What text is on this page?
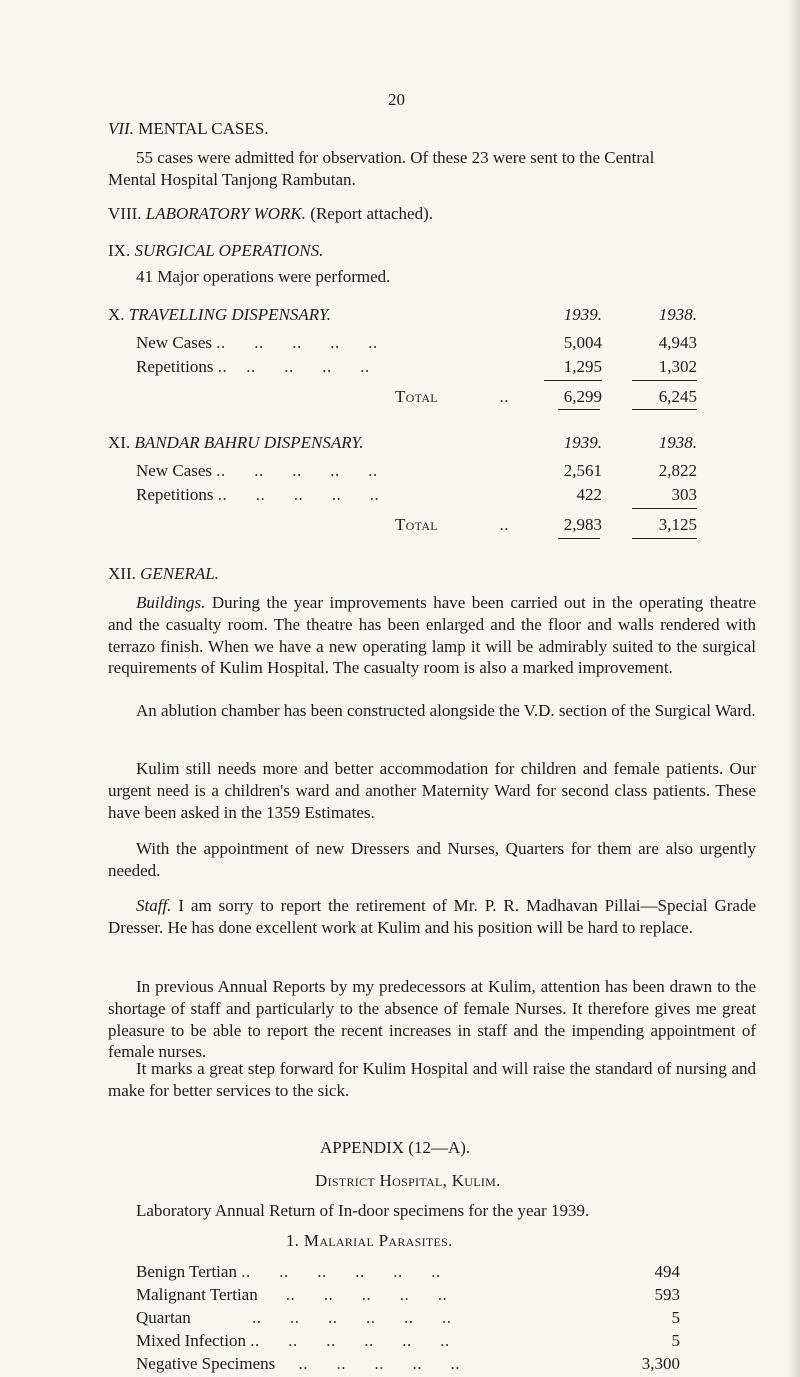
20
VII. MENTAL CASES.
55 cases were admitted for observation. Of these 23 were sent to the Central
Mental Hospital Tanjong Rambutan.
VIII. LABORATORY WORK. (Report attached).
IX. SURGICAL OPERATIONS.
41 Major operations were performed.
X. TRAVELLING DISPENSARY.	1939.	1938.
New Cases ..      ..      ..      ..      ..	5,004	4,943
Repetitions ..    ..      ..      ..      ..	1,295	1,302
Total             ..	6,299	6,245
XI. BANDAR BAHRU DISPENSARY.	1939.	1938.
New Cases ..      ..      ..      ..      ..	2,561	2,822
Repetitions ..      ..      ..      ..      ..	422	303
Total             ..	2,983	3,125
XII. GENERAL.
Buildings. During the year improvements have been carried out in the operating theatre and the casualty room. The theatre has been enlarged and the floor and walls rendered with terrazo finish. When we have a new operating lamp it will be admirably suited to the surgical requirements of Kulim Hospital. The casualty room is also a marked improvement.
An ablution chamber has been constructed alongside the V.D. section of the Surgical Ward.
Kulim still needs more and better accommodation for children and female patients. Our urgent need is a children's ward and another Maternity Ward for second class patients. These have been asked in the 1359 Estimates.
With the appointment of new Dressers and Nurses, Quarters for them are also urgently needed.
Staff. I am sorry to report the retirement of Mr. P. R. Madhavan Pillai—Special Grade Dresser. He has done excellent work at Kulim and his position will be hard to replace.
In previous Annual Reports by my predecessors at Kulim, attention has been drawn to the shortage of staff and particularly to the absence of female Nurses. It therefore gives me great pleasure to be able to report the recent increases in staff and the impending appointment of female nurses.
It marks a great step forward for Kulim Hospital and will raise the standard of nursing and make for better services to the sick.
APPENDIX (12—A).
District Hospital, Kulim.
Laboratory Annual Return of In-door specimens for the year 1939.
1. Malarial Parasites.
Benign Tertian ..      ..      ..      ..      ..      ..	494
Malignant Tertian      ..      ..      ..      ..      ..	593
Quartan             ..      ..      ..      ..      ..      ..	5
Mixed Infection ..      ..      ..      ..      ..      ..	5
Negative Specimens     ..      ..      ..      ..      ..	3,300
